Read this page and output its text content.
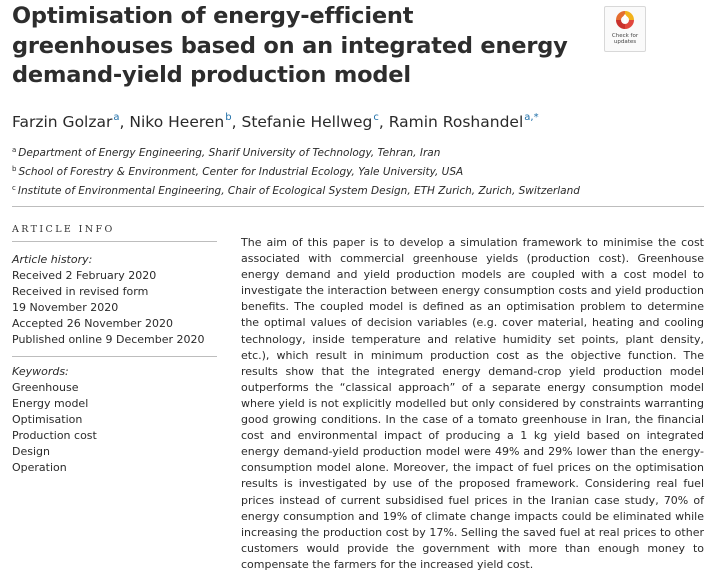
Optimisation of energy-efficient greenhouses based on an integrated energy demand-yield production model
Check for updates

Farzin Golzar$^a$, Niko Heeren$^b$, Stefanie Hellweg$^c$, Ramin Roshandel$^{a,*}$

$^a$ Department of Energy Engineering, Sharif University of Technology, Tehran, Iran
$^b$ School of Forestry & Environment, Center for Industrial Ecology, Yale University, USA
$^c$ Institute of Environmental Engineering, Chair of Ecological System Design, ETH Zurich, Zurich, Switzerland
ARTICLE INFO
Article history:
Received 2 February 2020
Received in revised form
19 November 2020
Accepted 26 November 2020
Published online 9 December 2020
Keywords:
Greenhouse
Energy model
Optimisation
Production cost
Design
Operation

The aim of this paper is to develop a simulation framework to minimise the cost associated with commercial greenhouse yields (production cost). Greenhouse energy demand and yield production models are coupled with a cost model to investigate the interaction between energy consumption costs and yield production benefits. The coupled model is defined as an optimisation problem to determine the optimal values of decision variables (e.g. cover material, heating and cooling technology, inside temperature and relative humidity set points, plant density, etc.), which result in minimum production cost as the objective function. The results show that the integrated energy demand-crop yield production model outperforms the “classical approach” of a separate energy consumption model where yield is not explicitly modelled but only considered by constraints warranting good growing conditions. In the case of a tomato greenhouse in Iran, the financial cost and environmental impact of producing a 1 kg yield based on integrated energy demand-yield production model were 49% and 29% lower than the energy-consumption model alone. Moreover, the impact of fuel prices on the optimisation results is investigated by use of the proposed framework. Considering real fuel prices instead of current subsidised fuel prices in the Iranian case study, 70% of energy consumption and 19% of climate change impacts could be eliminated while increasing the production cost by 17%. Selling the saved fuel at real prices to other customers would provide the government with more than enough money to compensate the farmers for the increased yield cost.
